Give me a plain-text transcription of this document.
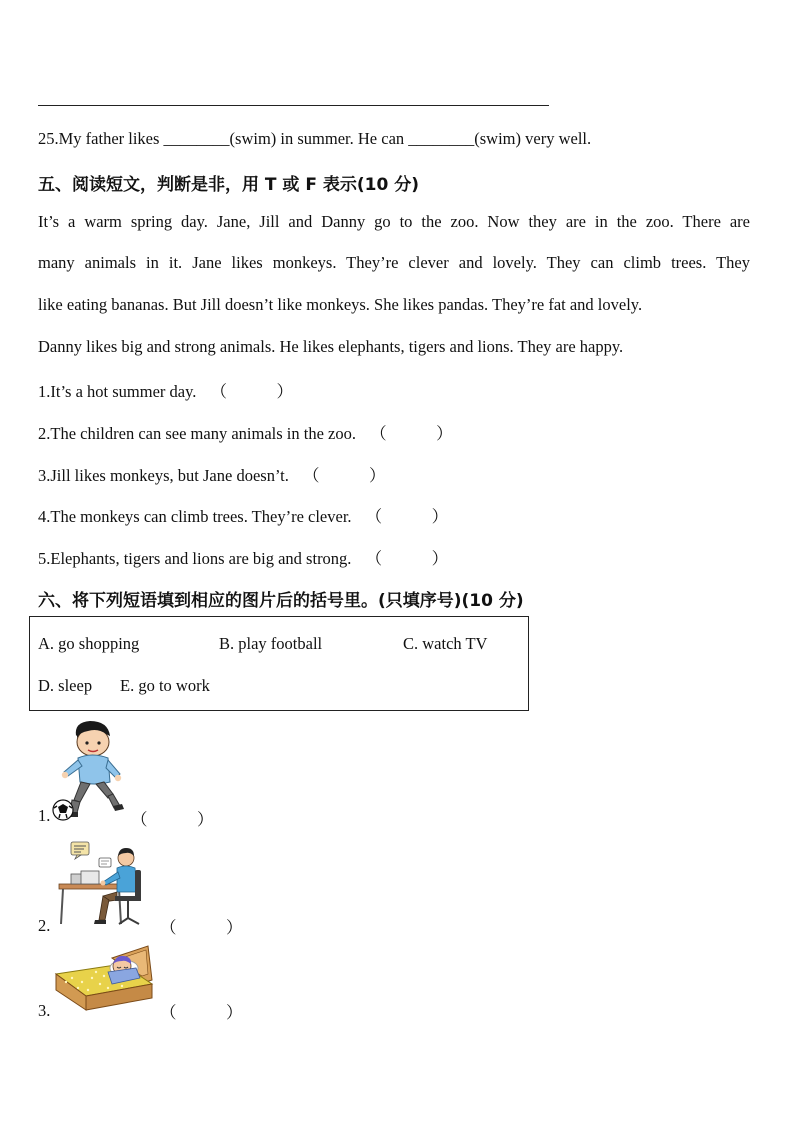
25.My father likes ________(swim) in summer. He can ________(swim) very well.
五、阅读短文，判断是非，用 T 或 F 表示(10 分)
It’s a warm spring day. Jane, Jill and Danny go to the zoo. Now they are in the zoo. There are
many animals in it. Jane likes monkeys. They’re clever and lovely. They can climb trees. They
like eating bananas. But Jill doesn’t like monkeys. She likes pandas. They’re fat and lovely.
Danny likes big and strong animals. He likes elephants, tigers and lions. They are happy.
1.It’s a hot summer day. （　　　）
2.The children can see many animals in the zoo. （　　　）
3.Jill likes monkeys, but Jane doesn’t. （　　　）
4.The monkeys can climb trees. They’re clever. （　　　）
5.Elephants, tigers and lions are big and strong. （　　　）
六、将下列短语填到相应的图片后的括号里。(只填序号)(10 分)
A. go shopping	B. play football	C. watch TV
D. sleep E. go to work
1.	（　　　）
2.	（　　　）
3.	（　　　）
